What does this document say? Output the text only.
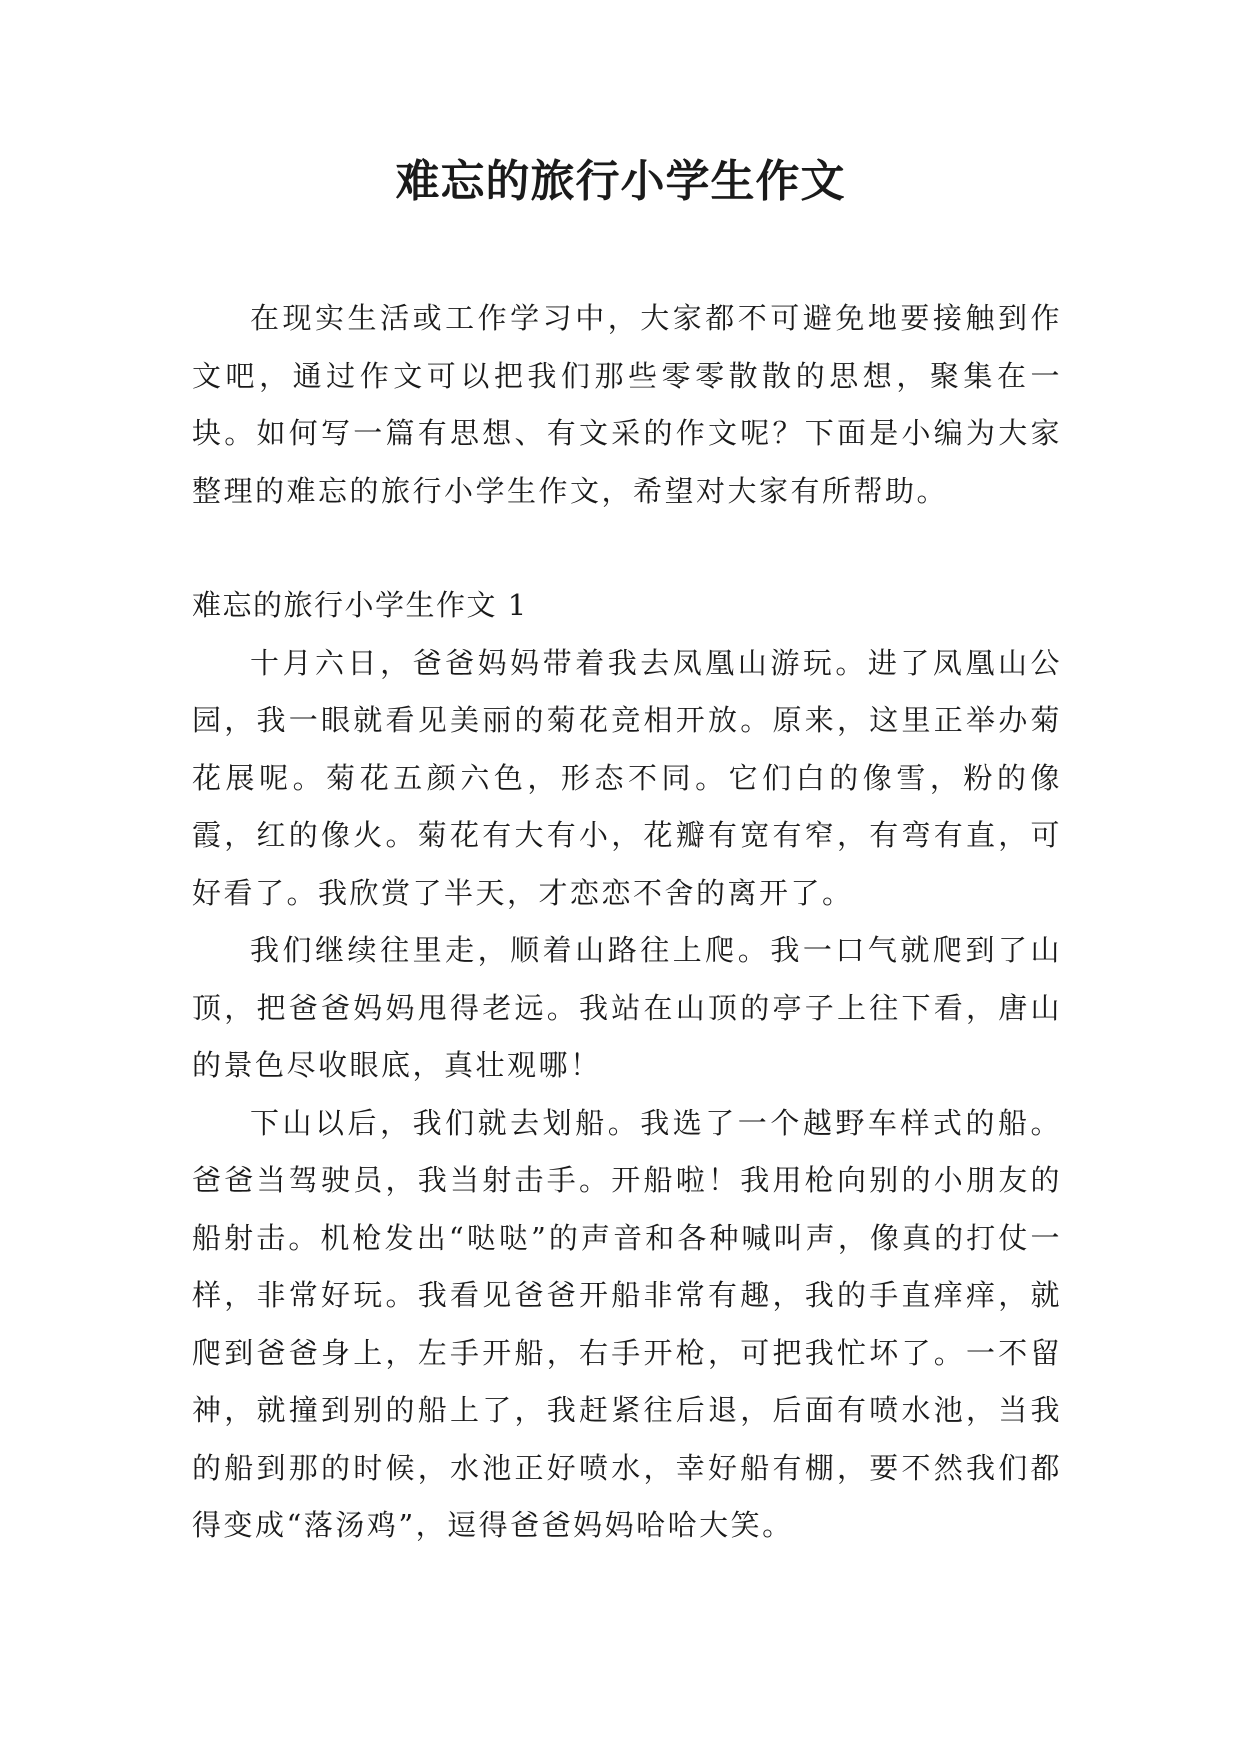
难忘的旅行小学生作文

在现实生活或工作学习中，大家都不可避免地要接触到作文吧，通过作文可以把我们那些零零散散的思想，聚集在一块。如何写一篇有思想、有文采的作文呢？下面是小编为大家整理的难忘的旅行小学生作文，希望对大家有所帮助。

难忘的旅行小学生作文 1

十月六日，爸爸妈妈带着我去凤凰山游玩。进了凤凰山公园，我一眼就看见美丽的菊花竞相开放。原来，这里正举办菊花展呢。菊花五颜六色，形态不同。它们白的像雪，粉的像霞，红的像火。菊花有大有小，花瓣有宽有窄，有弯有直，可好看了。我欣赏了半天，才恋恋不舍的离开了。

我们继续往里走，顺着山路往上爬。我一口气就爬到了山顶，把爸爸妈妈甩得老远。我站在山顶的亭子上往下看，唐山的景色尽收眼底，真壮观哪！

下山以后，我们就去划船。我选了一个越野车样式的船。爸爸当驾驶员，我当射击手。开船啦！我用枪向别的小朋友的船射击。机枪发出“哒哒”的声音和各种喊叫声，像真的打仗一样，非常好玩。我看见爸爸开船非常有趣，我的手直痒痒，就爬到爸爸身上，左手开船，右手开枪，可把我忙坏了。一不留神，就撞到别的船上了，我赶紧往后退，后面有喷水池，当我的船到那的时候，水池正好喷水，幸好船有棚，要不然我们都得变成“落汤鸡”，逗得爸爸妈妈哈哈大笑。
